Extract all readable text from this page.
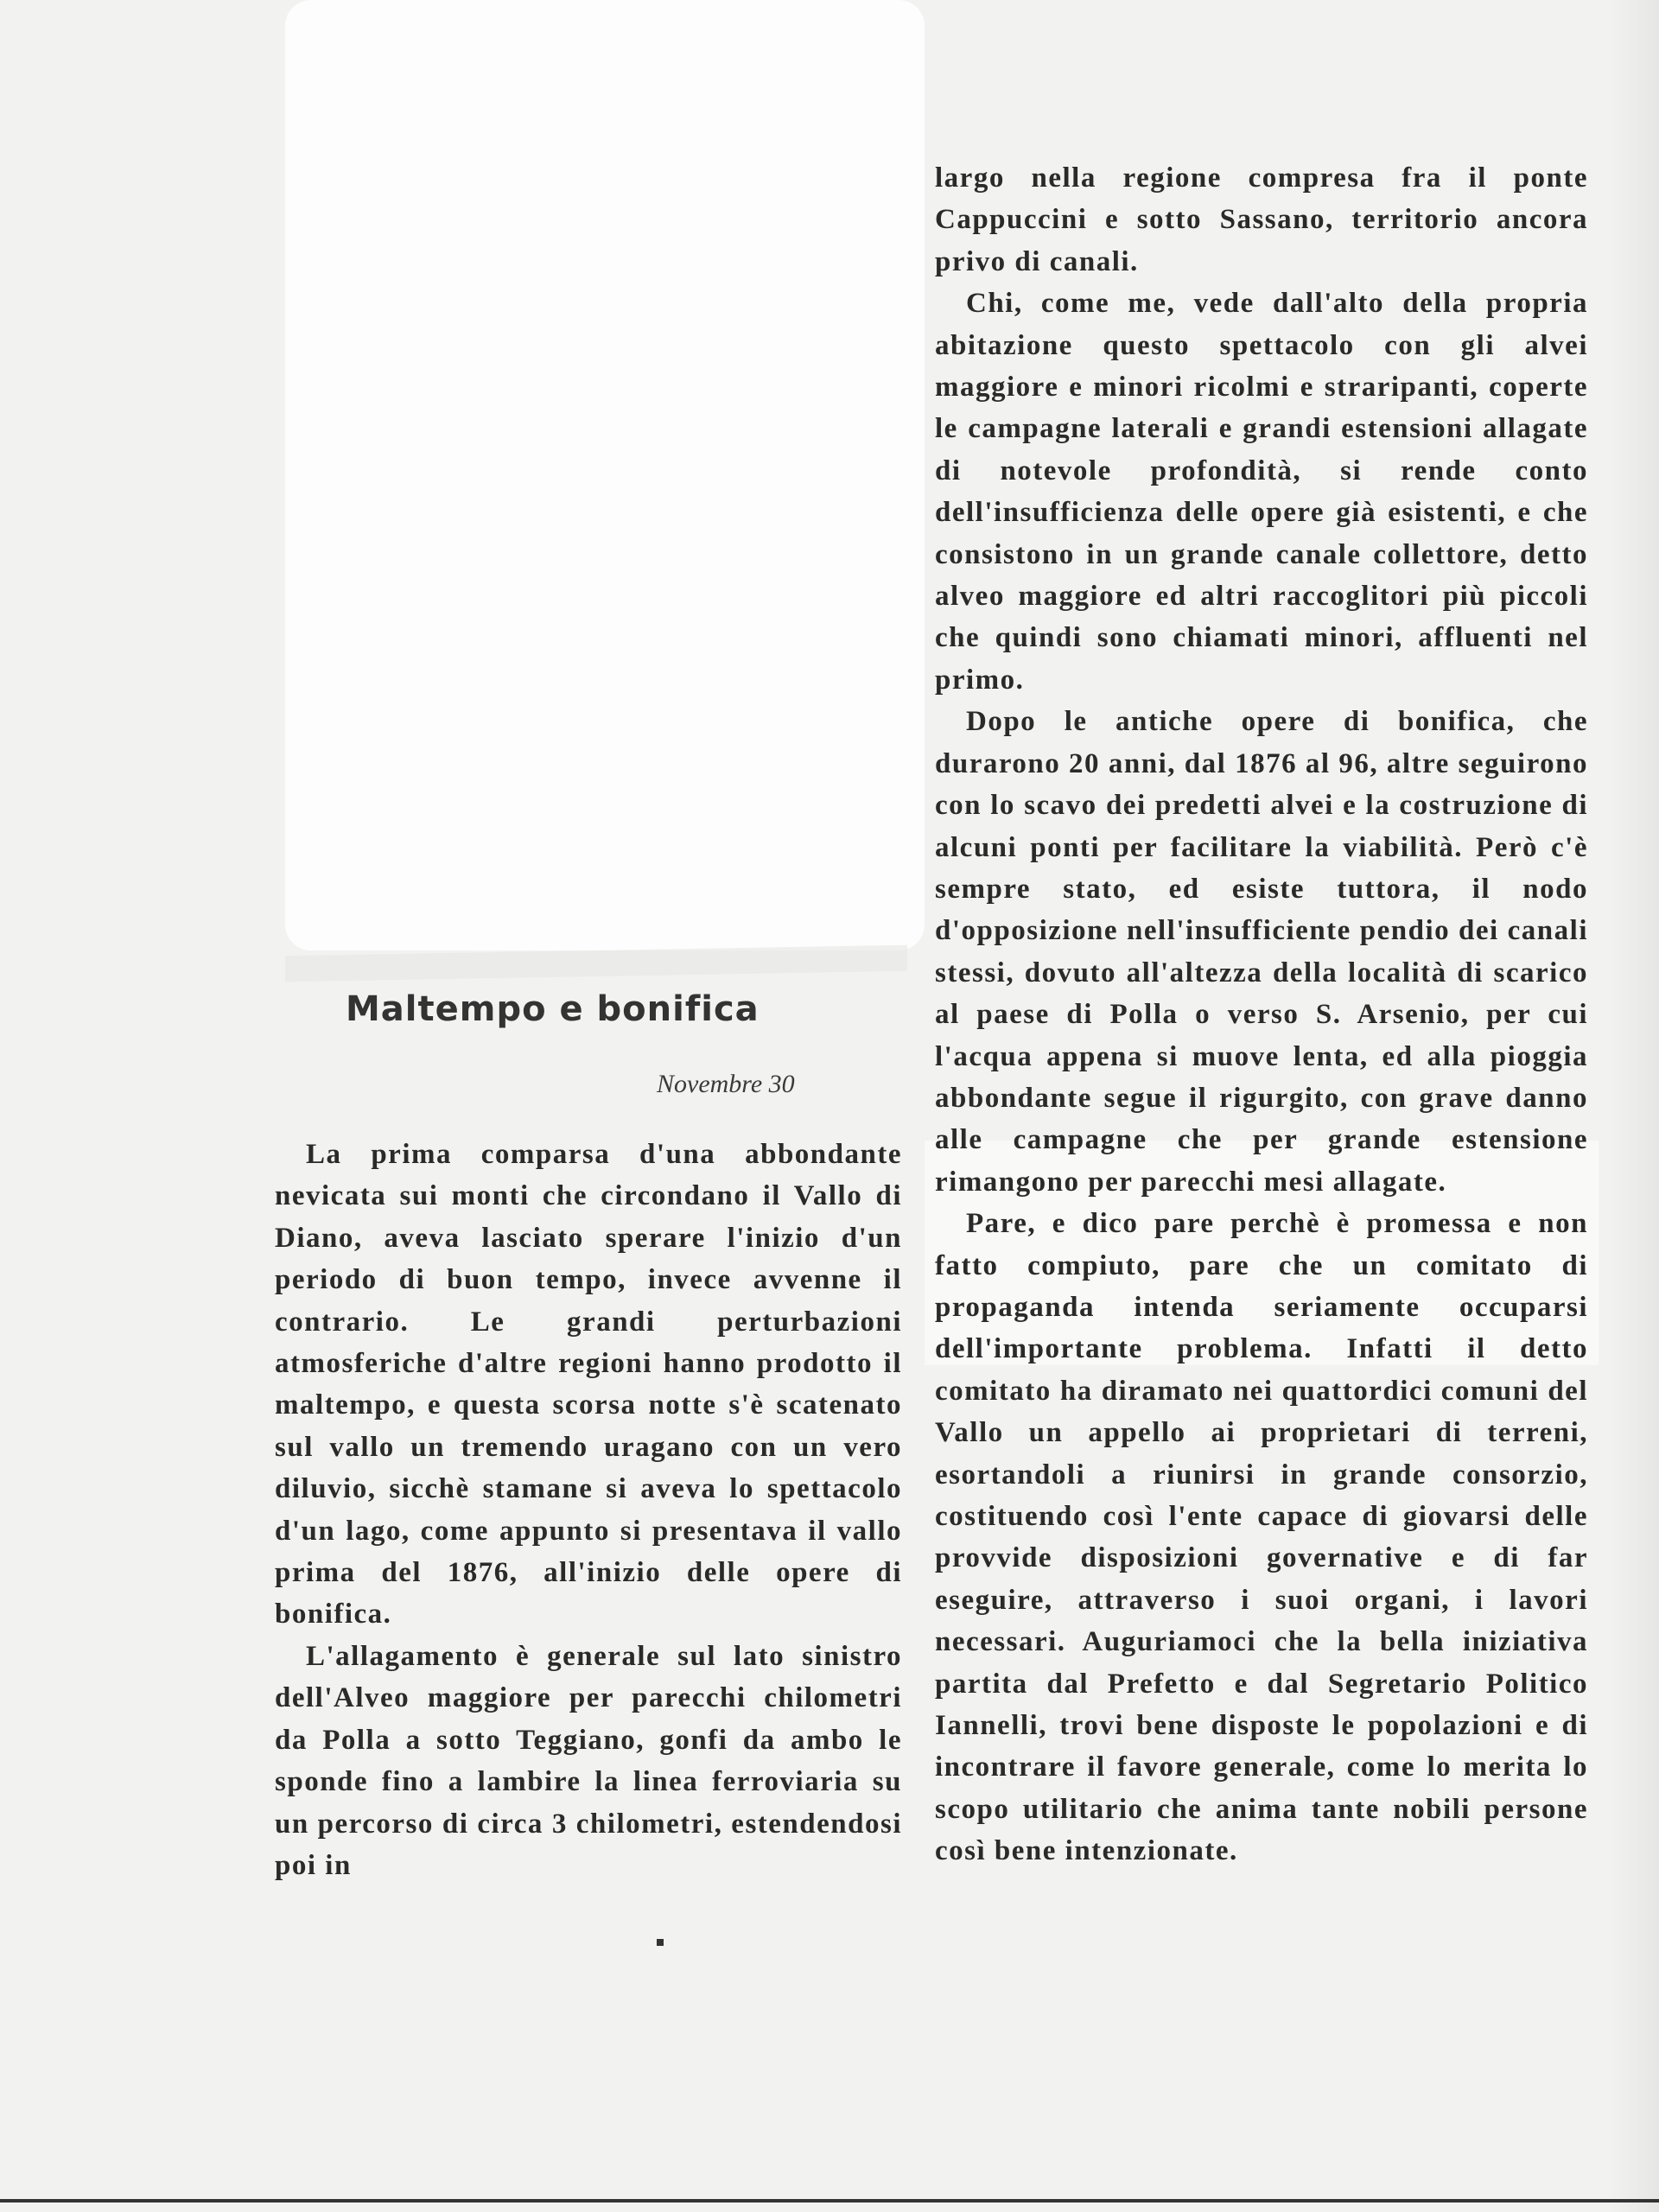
Maltempo e bonifica
Novembre 30

La prima comparsa d'una abbondante nevicata sui monti che circondano il Vallo di Diano, aveva lasciato sperare l'inizio d'un periodo di buon tempo, invece avvenne il contrario. Le grandi perturbazioni atmosferiche d'altre regioni hanno prodotto il maltempo, e questa scorsa notte s'è scatenato sul vallo un tremendo uragano con un vero diluvio, sicchè stamane si aveva lo spettacolo d'un lago, come appunto si presentava il vallo prima del 1876, all'inizio delle opere di bonifica.

L'allagamento è generale sul lato sinistro dell'Alveo maggiore per parecchi chilometri da Polla a sotto Teggiano, gonfi da ambo le sponde fino a lambire la linea ferroviaria su un percorso di circa 3 chilometri, estendendosi poi in

largo nella regione compresa fra il ponte Cappuccini e sotto Sassano, territorio ancora privo di canali.

Chi, come me, vede dall'alto della propria abitazione questo spettacolo con gli alvei maggiore e minori ricolmi e straripanti, coperte le campagne laterali e grandi estensioni allagate di notevole profondità, si rende conto dell'insufficienza delle opere già esistenti, e che consistono in un grande canale collettore, detto alveo maggiore ed altri raccoglitori più piccoli che quindi sono chiamati minori, affluenti nel primo.

Dopo le antiche opere di bonifica, che durarono 20 anni, dal 1876 al 96, altre seguirono con lo scavo dei predetti alvei e la costruzione di alcuni ponti per facilitare la viabilità. Però c'è sempre stato, ed esiste tuttora, il nodo d'opposizione nell'insufficiente pendio dei canali stessi, dovuto all'altezza della località di scarico al paese di Polla o verso S. Arsenio, per cui l'acqua appena si muove lenta, ed alla pioggia abbondante segue il rigurgito, con grave danno alle campagne che per grande estensione rimangono per parecchi mesi allagate.

Pare, e dico pare perchè è promessa e non fatto compiuto, pare che un comitato di propaganda intenda seriamente occuparsi dell'importante problema. Infatti il detto comitato ha diramato nei quattordici comuni del Vallo un appello ai proprietari di terreni, esortandoli a riunirsi in grande consorzio, costituendo così l'ente capace di giovarsi delle provvide disposizioni governative e di far eseguire, attraverso i suoi organi, i lavori necessari. Auguriamoci che la bella iniziativa partita dal Prefetto e dal Segretario Politico Iannelli, trovi bene disposte le popolazioni e di incontrare il favore generale, come lo merita lo scopo utilitario che anima tante nobili persone così bene intenzionate.
